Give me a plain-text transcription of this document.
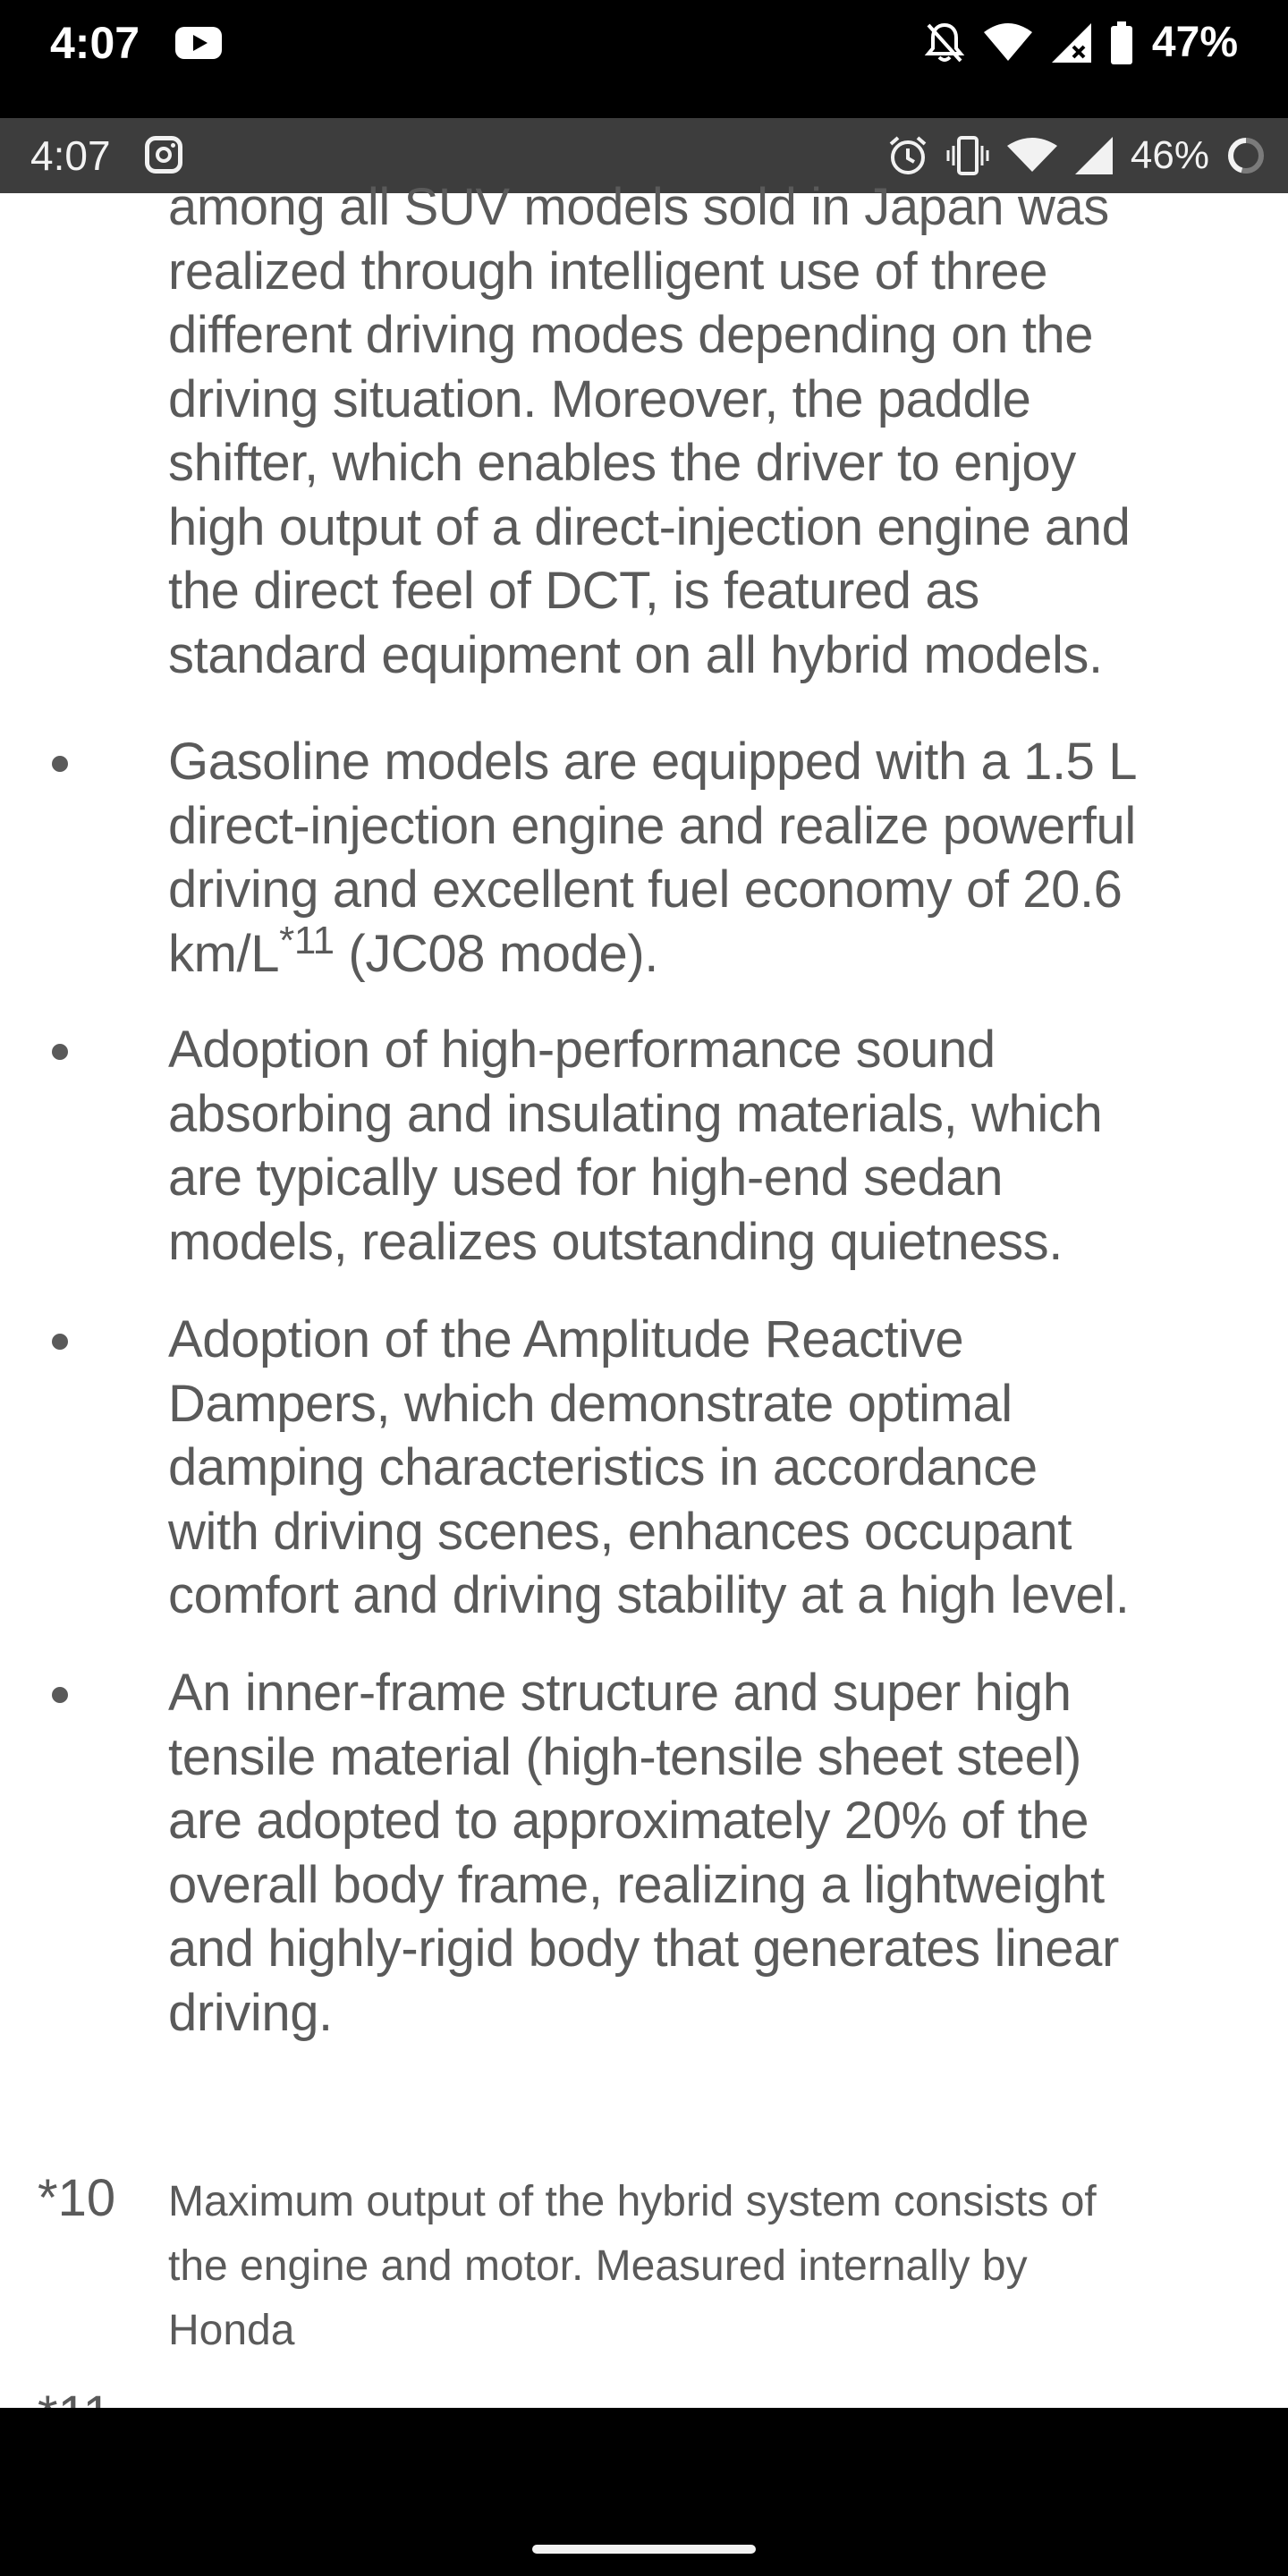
4:07	47%
4:07	46%

among all SUV models sold in Japan was
realized through intelligent use of three
different driving modes depending on the
driving situation. Moreover, the paddle
shifter, which enables the driver to enjoy
high output of a direct-injection engine and
the direct feel of DCT, is featured as
standard equipment on all hybrid models.

Gasoline models are equipped with a 1.5 L
direct-injection engine and realize powerful
driving and excellent fuel economy of 20.6
km/L$^{*11}$ (JC08 mode).

Adoption of high-performance sound
absorbing and insulating materials, which
are typically used for high-end sedan
models, realizes outstanding quietness.

Adoption of the Amplitude Reactive
Dampers, which demonstrate optimal
damping characteristics in accordance
with driving scenes, enhances occupant
comfort and driving stability at a high level.

An inner-frame structure and super high
tensile material (high-tensile sheet steel)
are adopted to approximately 20% of the
overall body frame, realizing a lightweight
and highly-rigid body that generates linear
driving.

*10 Maximum output of the hybrid system consists of
the engine and motor. Measured internally by
Honda
